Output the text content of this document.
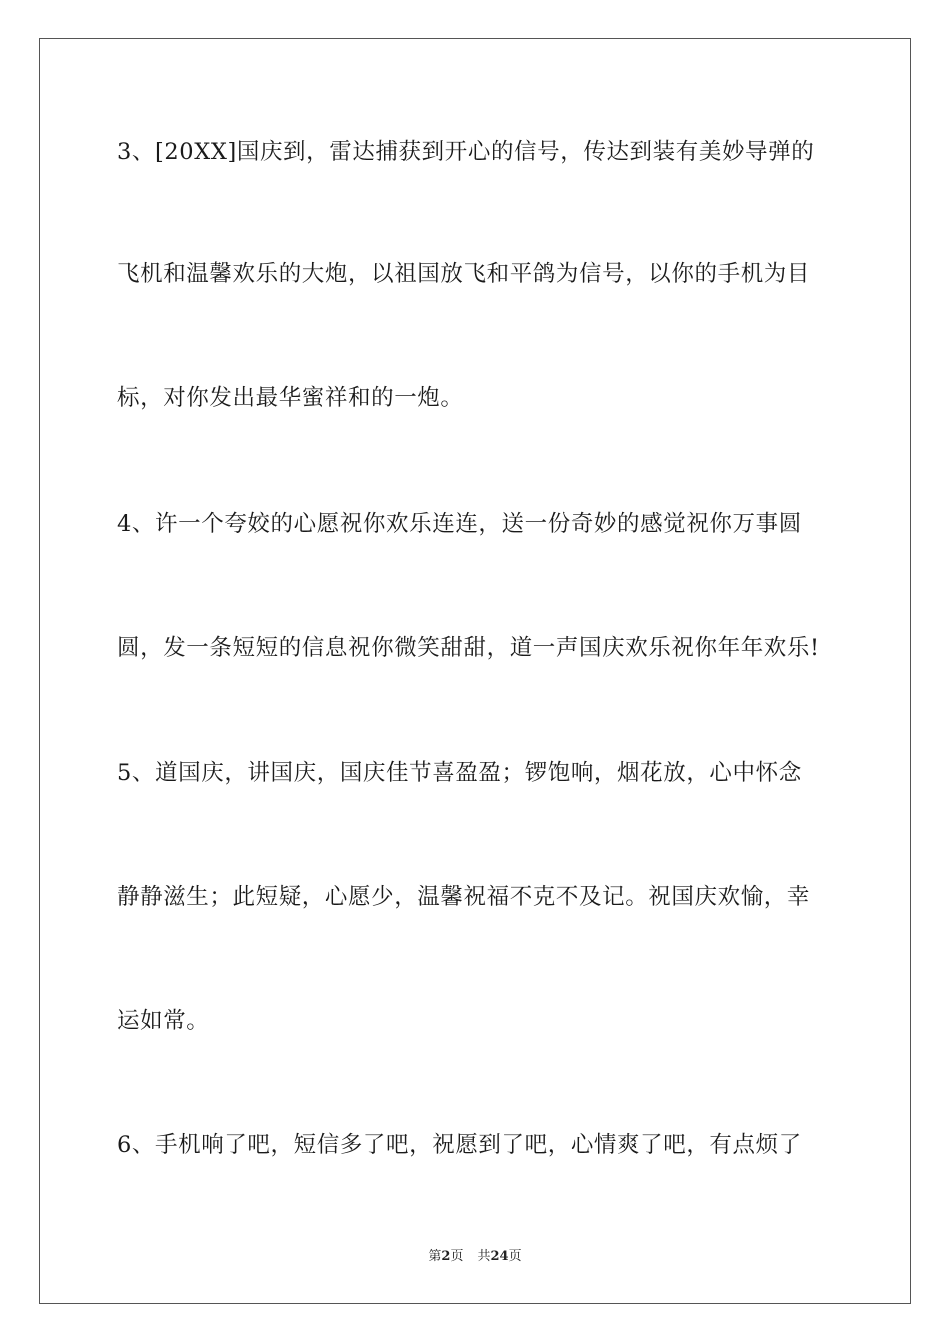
3、[20XX]国庆到，雷达捕获到开心的信号，传达到装有美妙导弹的
飞机和温馨欢乐的大炮，以祖国放飞和平鸽为信号，以你的手机为目
标，对你发出最华蜜祥和的一炮。
4、许一个夸姣的心愿祝你欢乐连连，送一份奇妙的感觉祝你万事圆
圆，发一条短短的信息祝你微笑甜甜，道一声国庆欢乐祝你年年欢乐!
5、道国庆，讲国庆，国庆佳节喜盈盈；锣饱响，烟花放，心中怀念
静静滋生；此短疑，心愿少，温馨祝福不克不及记。祝国庆欢愉，幸
运如常。
6、手机响了吧，短信多了吧，祝愿到了吧，心情爽了吧，有点烦了
第2页 共24页
